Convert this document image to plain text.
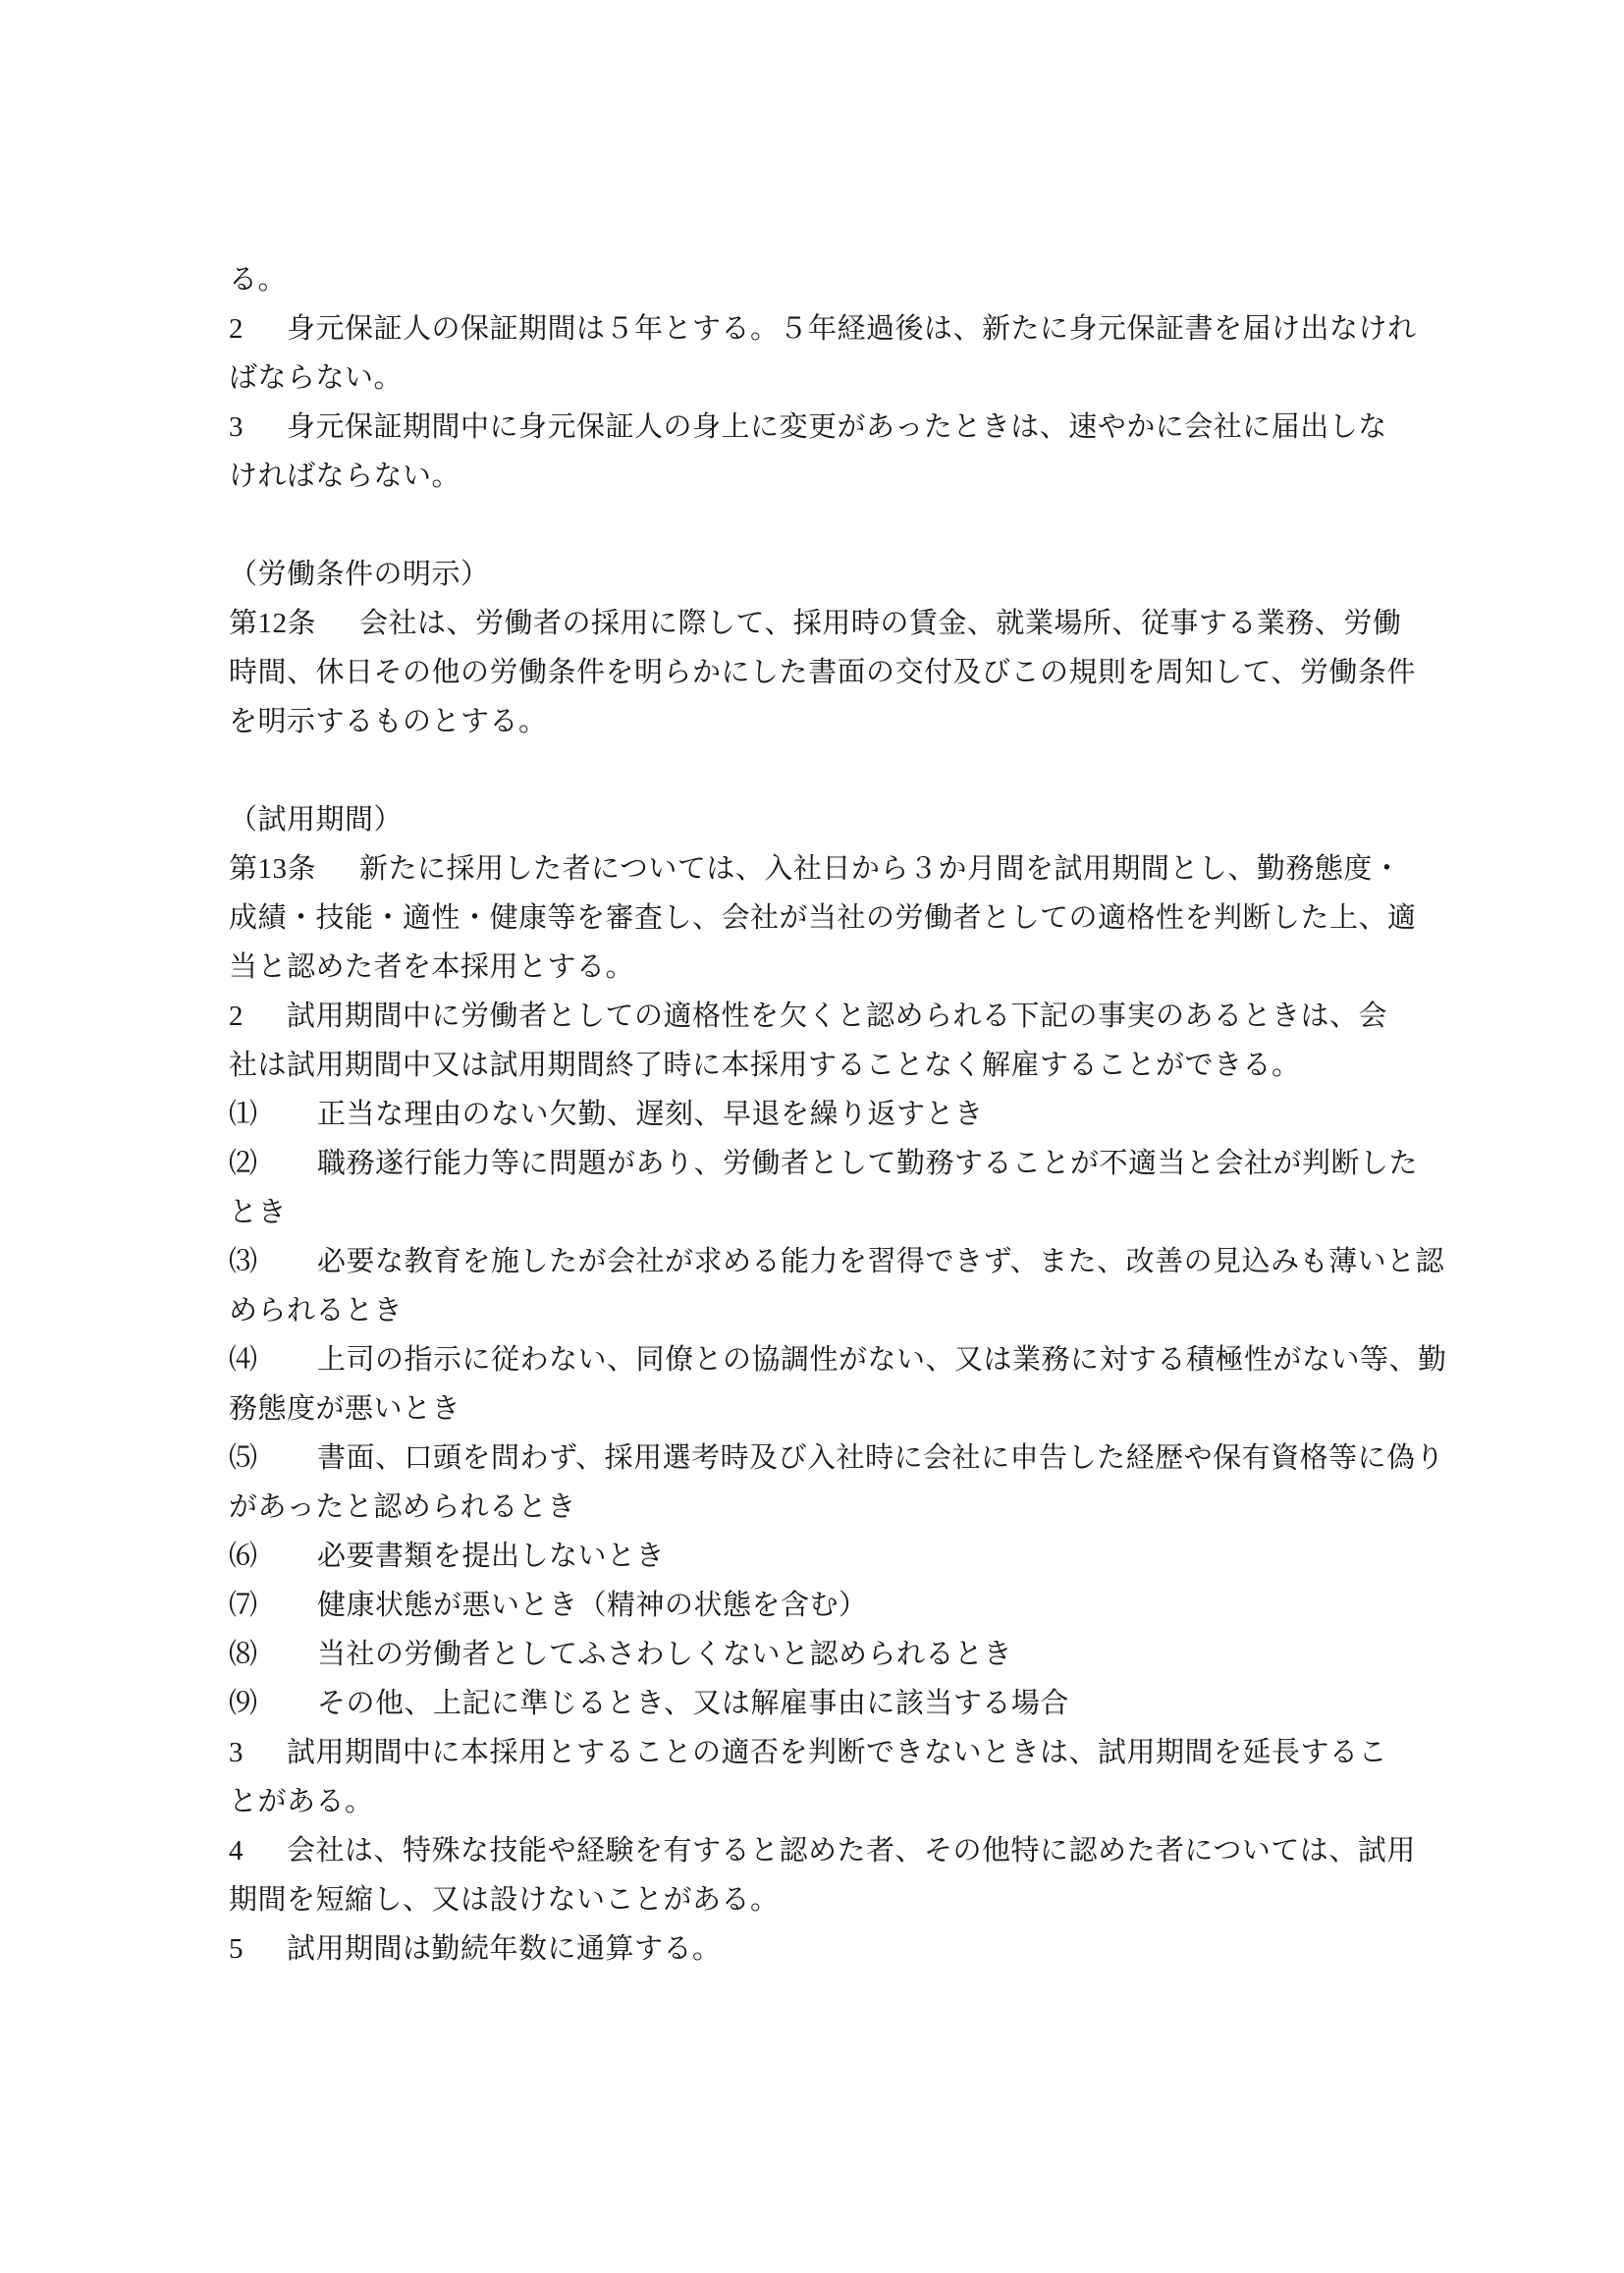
る。
2	身元保証人の保証期間は５年とする。５年経過後は、新たに身元保証書を届け出なけれ
ばならない。
3	身元保証期間中に身元保証人の身上に変更があったときは、速やかに会社に届出しな
ければならない。
（労働条件の明示）
第12条	会社は、労働者の採用に際して、採用時の賃金、就業場所、従事する業務、労働
時間、休日その他の労働条件を明らかにした書面の交付及びこの規則を周知して、労働条件
を明示するものとする。
（試用期間）
第13条	新たに採用した者については、入社日から３か月間を試用期間とし、勤務態度・
成績・技能・適性・健康等を審査し、会社が当社の労働者としての適格性を判断した上、適
当と認めた者を本採用とする。
2	試用期間中に労働者としての適格性を欠くと認められる下記の事実のあるときは、会
社は試用期間中又は試用期間終了時に本採用することなく解雇することができる。
⑴	正当な理由のない欠勤、遅刻、早退を繰り返すとき
⑵	職務遂行能力等に問題があり、労働者として勤務することが不適当と会社が判断した
とき
⑶	必要な教育を施したが会社が求める能力を習得できず、また、改善の見込みも薄いと認
められるとき
⑷	上司の指示に従わない、同僚との協調性がない、又は業務に対する積極性がない等、勤
務態度が悪いとき
⑸	書面、口頭を問わず、採用選考時及び入社時に会社に申告した経歴や保有資格等に偽り
があったと認められるとき
⑹	必要書類を提出しないとき
⑺	健康状態が悪いとき（精神の状態を含む）
⑻	当社の労働者としてふさわしくないと認められるとき
⑼	その他、上記に準じるとき、又は解雇事由に該当する場合
3	試用期間中に本採用とすることの適否を判断できないときは、試用期間を延長するこ
とがある。
4	会社は、特殊な技能や経験を有すると認めた者、その他特に認めた者については、試用
期間を短縮し、又は設けないことがある。
5	試用期間は勤続年数に通算する。
